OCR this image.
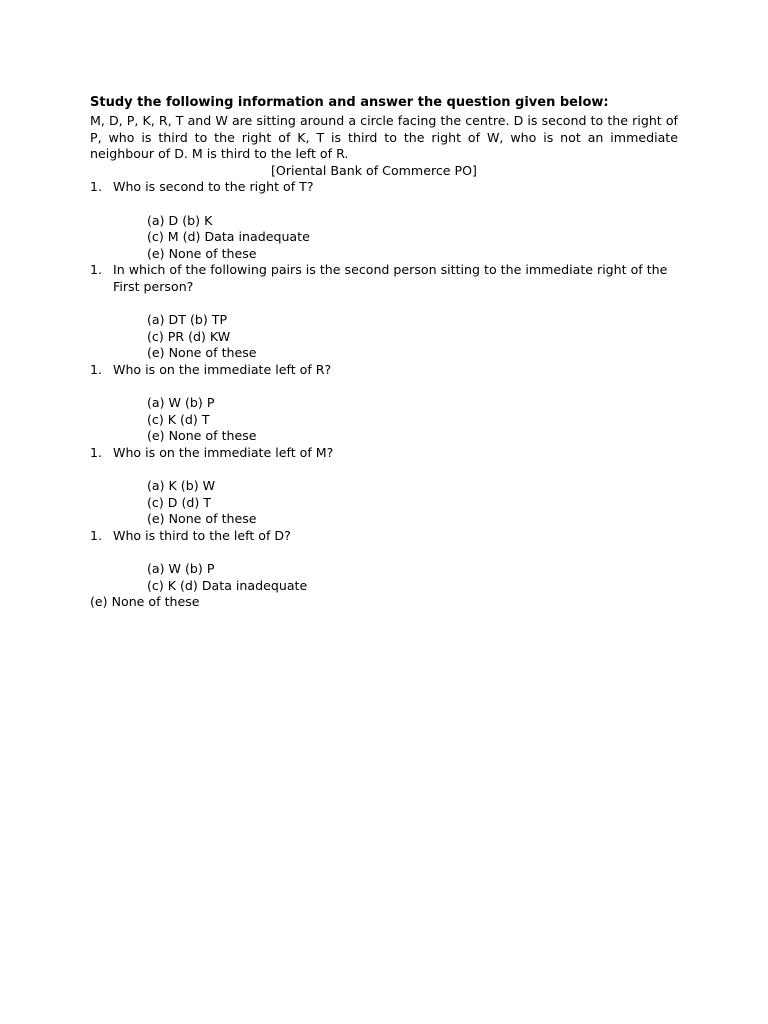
Study the following information and answer the question given below:

M, D, P, K, R, T and W are sitting around a circle facing the centre. D is second to the right of P, who is third to the right of K, T is third to the right of W, who is not an immediate neighbour of D. M is third to the left of R.

[Oriental Bank of Commerce PO]

1. Who is second to the right of T?

(a) D (b) K

(c) M (d) Data inadequate

(e) None of these

1. In which of the following pairs is the second person sitting to the immediate right of the First person?

(a) DT (b) TP

(c) PR (d) KW

(e) None of these

1. Who is on the immediate left of R?

(a) W (b) P

(c) K (d) T

(e) None of these

1. Who is on the immediate left of M?

(a) K (b) W

(c) D (d) T

(e) None of these

1. Who is third to the left of D?

(a) W (b) P

(c) K (d) Data inadequate

(e) None of these
